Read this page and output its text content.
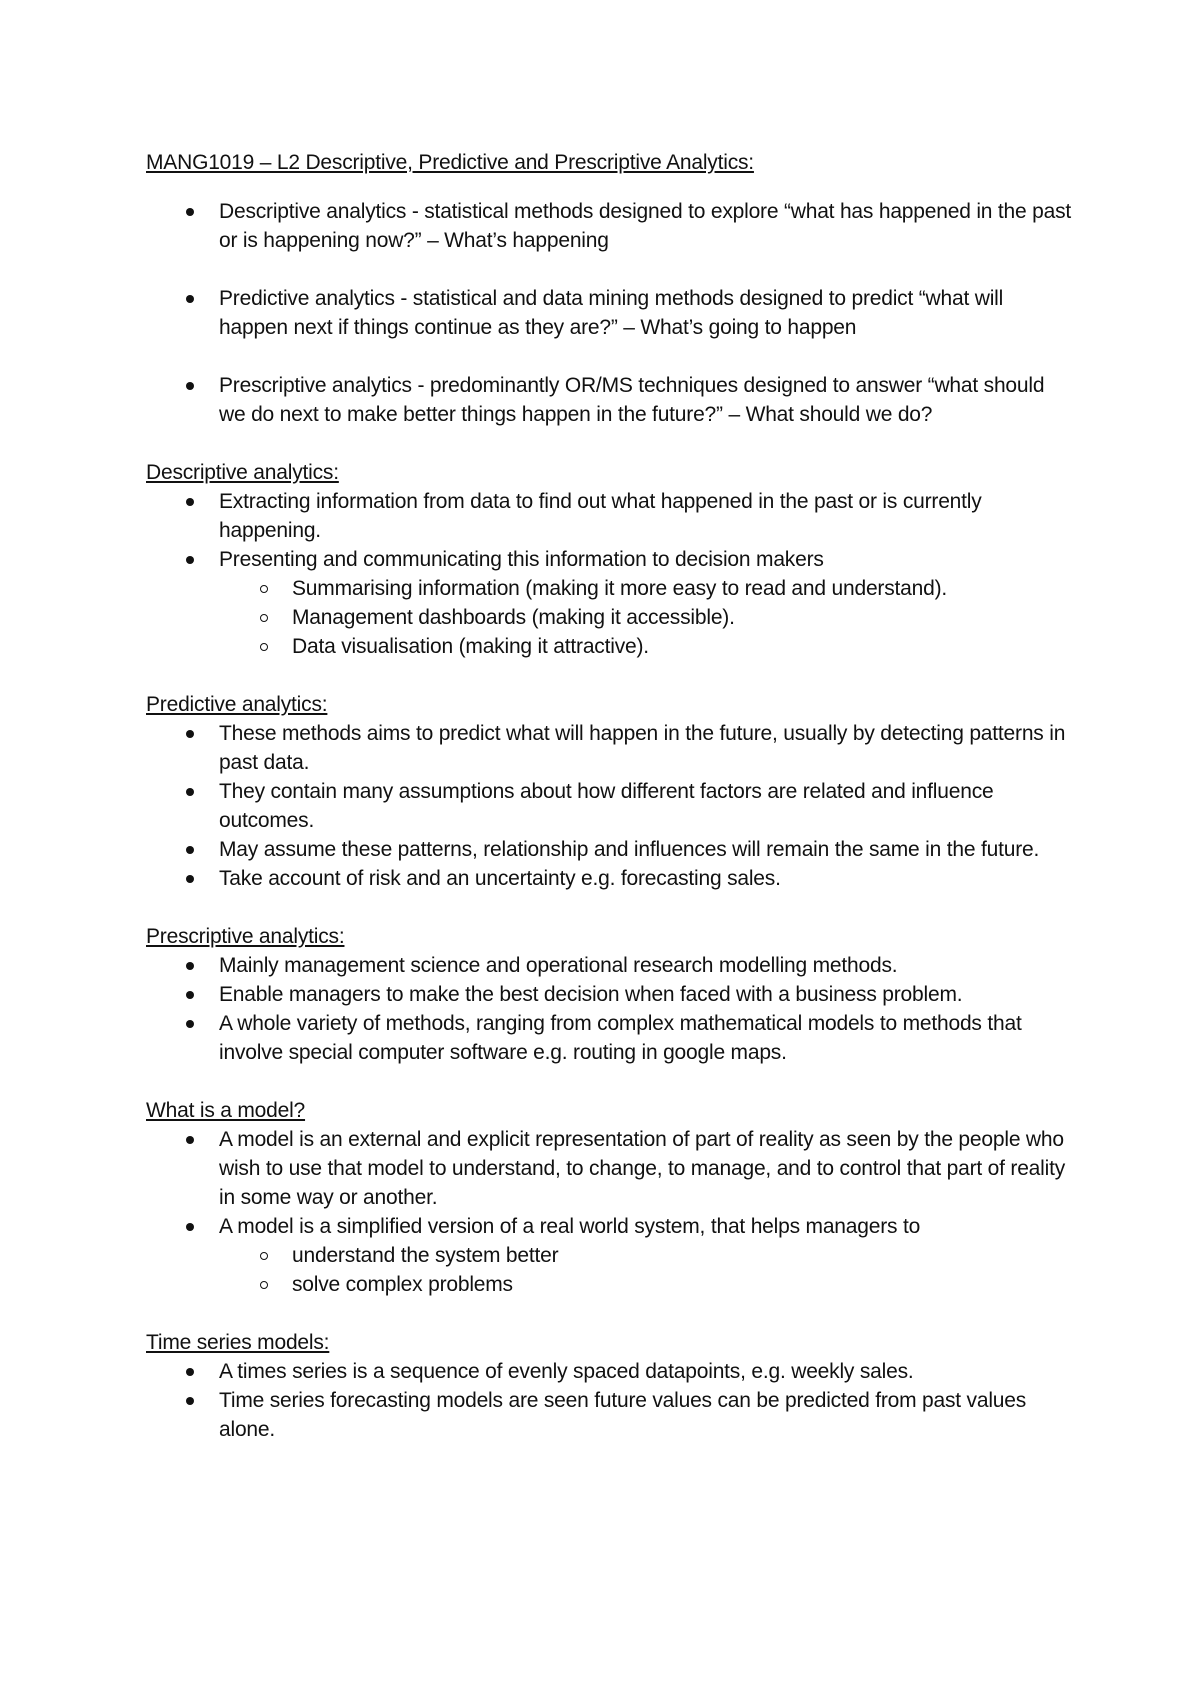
MANG1019 – L2 Descriptive, Predictive and Prescriptive Analytics:

Descriptive analytics - statistical methods designed to explore “what has happened in the past or is happening now?” – What’s happening
Predictive analytics - statistical and data mining methods designed to predict “what will happen next if things continue as they are?” – What’s going to happen
Prescriptive analytics - predominantly OR/MS techniques designed to answer “what should we do next to make better things happen in the future?” – What should we do?

Descriptive analytics:

Extracting information from data to find out what happened in the past or is currently happening.
Presenting and communicating this information to decision makers
Summarising information (making it more easy to read and understand).
Management dashboards (making it accessible).
Data visualisation (making it attractive).

Predictive analytics:

These methods aims to predict what will happen in the future, usually by detecting patterns in past data.
They contain many assumptions about how different factors are related and influence outcomes.
May assume these patterns, relationship and influences will remain the same in the future.
Take account of risk and an uncertainty e.g. forecasting sales.

Prescriptive analytics:

Mainly management science and operational research modelling methods.
Enable managers to make the best decision when faced with a business problem.
A whole variety of methods, ranging from complex mathematical models to methods that involve special computer software e.g. routing in google maps.

What is a model?

A model is an external and explicit representation of part of reality as seen by the people who wish to use that model to understand, to change, to manage, and to control that part of reality in some way or another.
A model is a simplified version of a real world system, that helps managers to
understand the system better
solve complex problems

Time series models:

A times series is a sequence of evenly spaced datapoints, e.g. weekly sales.
Time series forecasting models are seen future values can be predicted from past values alone.
